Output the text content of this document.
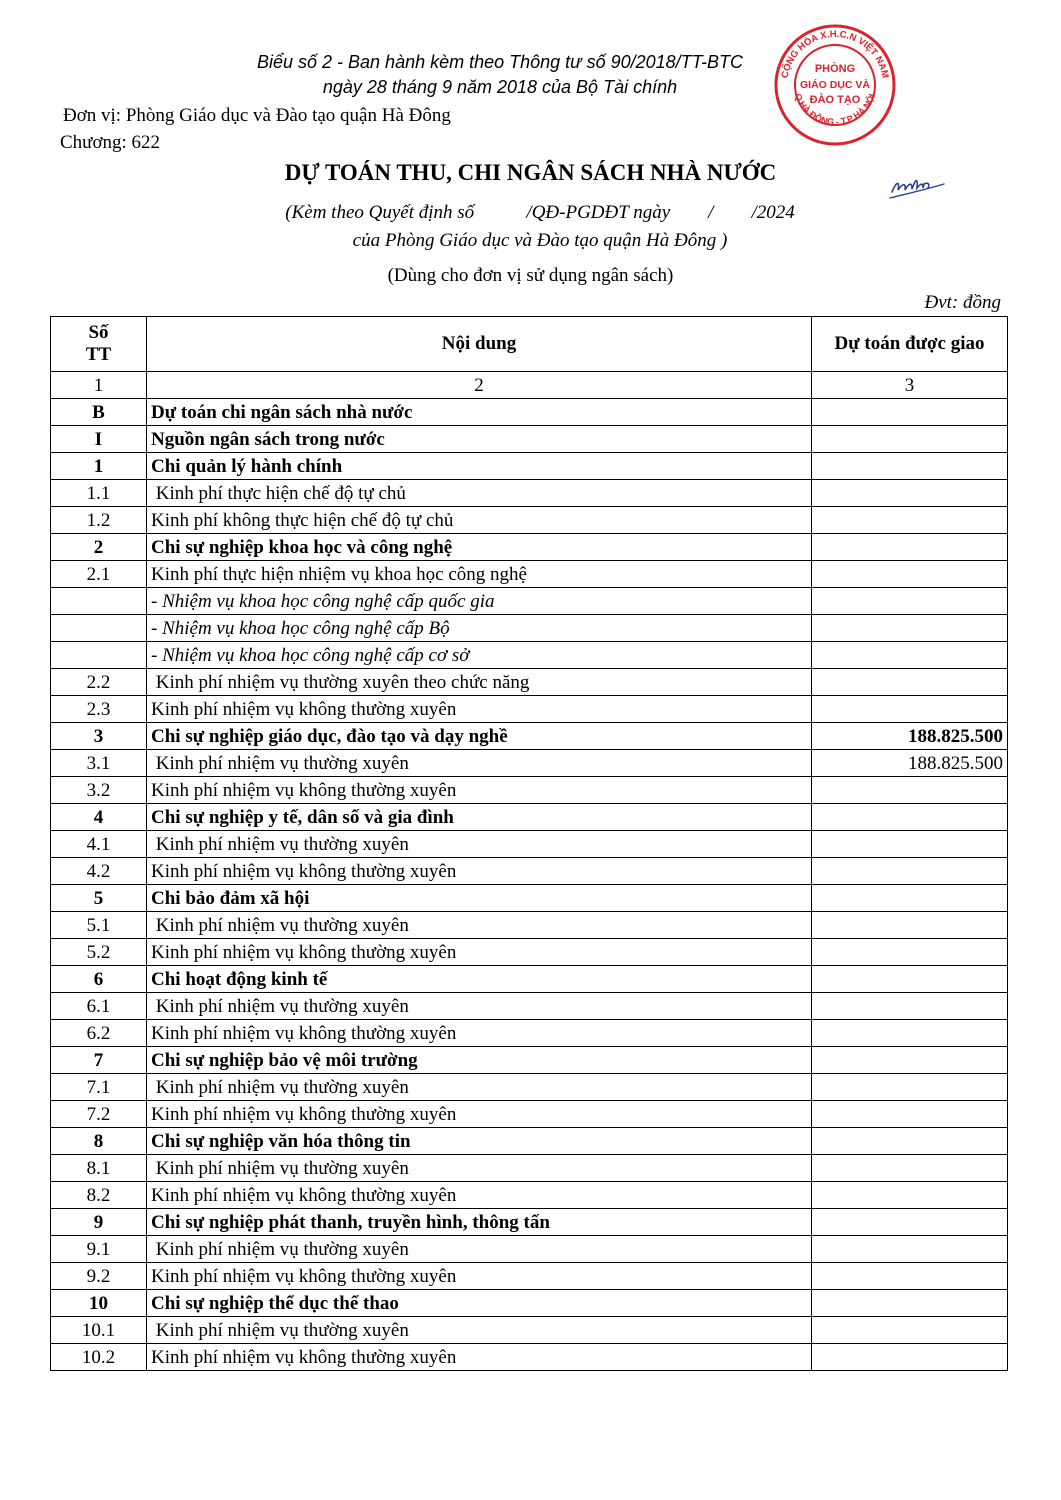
Biểu số 2 - Ban hành kèm theo Thông tư số 90/2018/TT-BTC
ngày 28 tháng 9 năm 2018 của Bộ Tài chính
CỘNG HÒA X.H.C.N VIỆT NAM
Q.HÀ ĐÔNG - T.P HÀ NỘI
PHÒNG
GIÁO DỤC VÀ
ĐÀO TẠO
Đơn vị: Phòng Giáo dục và Đào tạo quận Hà Đông
Chương: 622
DỰ TOÁN THU, CHI NGÂN SÁCH NHÀ NƯỚC
(Kèm theo Quyết định số           /QĐ-PGDĐT ngày        /        /2024
của Phòng Giáo dục và Đào tạo quận Hà Đông )
(Dùng cho đơn vị sử dụng ngân sách)
Đvt: đồng
Số
TT	Nội dung	Dự toán được giao
1	2	3
B	Dự toán chi ngân sách nhà nước	
I	Nguồn ngân sách trong nước	
1	Chi quản lý hành chính	
1.1	Kinh phí thực hiện chế độ tự chủ	
1.2	Kinh phí không thực hiện chế độ tự chủ	
2	Chi sự nghiệp khoa học và công nghệ	
2.1	Kinh phí thực hiện nhiệm vụ khoa học công nghệ	
	- Nhiệm vụ khoa học công nghệ cấp quốc gia	
	- Nhiệm vụ khoa học công nghệ cấp Bộ	
	- Nhiệm vụ khoa học công nghệ cấp cơ sở	
2.2	Kinh phí nhiệm vụ thường xuyên theo chức năng	
2.3	Kinh phí nhiệm vụ không thường xuyên	
3	Chi sự nghiệp giáo dục, đào tạo và dạy nghề	188.825.500
3.1	Kinh phí nhiệm vụ thường xuyên	188.825.500
3.2	Kinh phí nhiệm vụ không thường xuyên	
4	Chi sự nghiệp y tế, dân số và gia đình	
4.1	Kinh phí nhiệm vụ thường xuyên	
4.2	Kinh phí nhiệm vụ không thường xuyên	
5	Chi bảo đảm xã hội	
5.1	Kinh phí nhiệm vụ thường xuyên	
5.2	Kinh phí nhiệm vụ không thường xuyên	
6	Chi hoạt động kinh tế	
6.1	Kinh phí nhiệm vụ thường xuyên	
6.2	Kinh phí nhiệm vụ không thường xuyên	
7	Chi sự nghiệp bảo vệ môi trường	
7.1	Kinh phí nhiệm vụ thường xuyên	
7.2	Kinh phí nhiệm vụ không thường xuyên	
8	Chi sự nghiệp văn hóa thông tin	
8.1	Kinh phí nhiệm vụ thường xuyên	
8.2	Kinh phí nhiệm vụ không thường xuyên	
9	Chi sự nghiệp phát thanh, truyền hình, thông tấn	
9.1	Kinh phí nhiệm vụ thường xuyên	
9.2	Kinh phí nhiệm vụ không thường xuyên	
10	Chi sự nghiệp thể dục thể thao	
10.1	Kinh phí nhiệm vụ thường xuyên	
10.2	Kinh phí nhiệm vụ không thường xuyên	
